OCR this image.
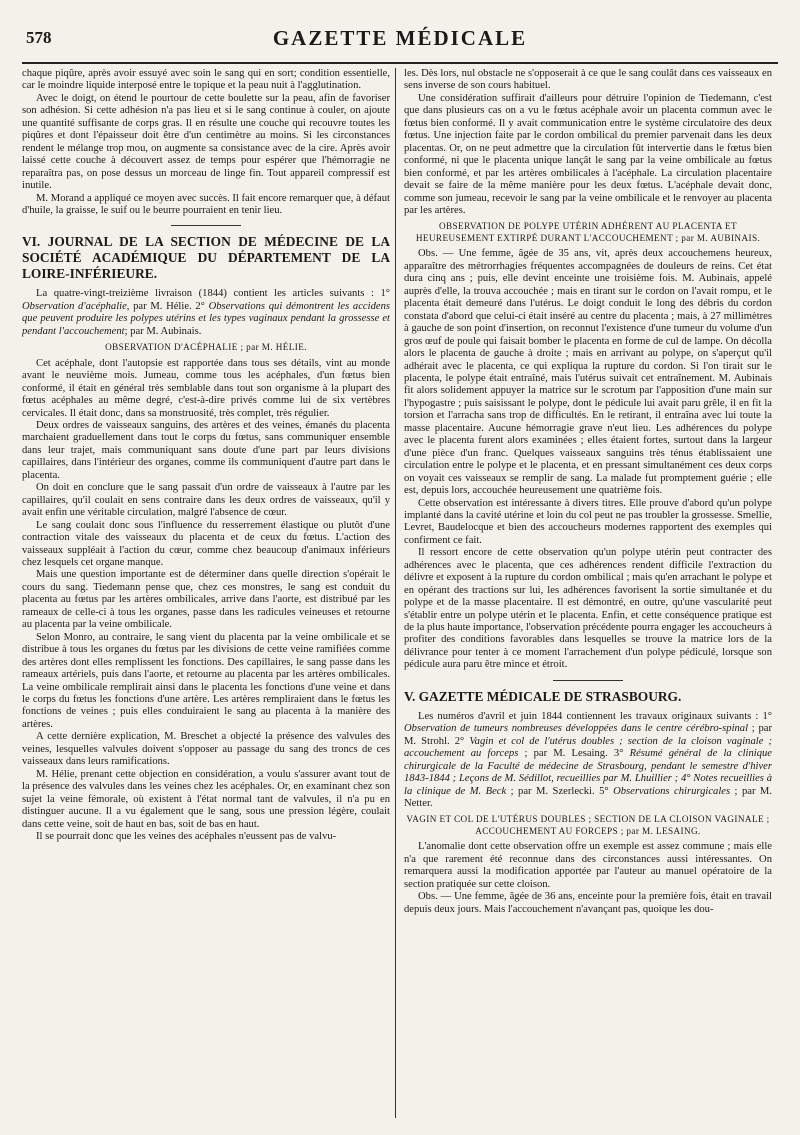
578	GAZETTE MÉDICALE

chaque piqûre, après avoir essuyé avec soin le sang qui en sort; condition essentielle, car le moindre liquide interposé entre le topique et la peau nuit à l'agglutination.

Avec le doigt, on étend le pourtour de cette boulette sur la peau, afin de favoriser son adhésion. Si cette adhésion n'a pas lieu et si le sang continue à couler, on ajoute une quantité suffisante de corps gras. Il en résulte une couche qui recouvre toutes les piqûres et dont l'épaisseur doit être d'un centimètre au moins. Si les circonstances rendent le mélange trop mou, on augmente sa consistance avec de la cire. Après avoir laissé cette couche à découvert assez de temps pour espérer que l'hémorragie ne reparaîtra pas, on pose dessus un morceau de linge fin. Tout appareil compressif est inutile.

M. Morand a appliqué ce moyen avec succès. Il fait encore remarquer que, à défaut d'huile, la graisse, le suif ou le beurre pourraient en tenir lieu.

VI. JOURNAL DE LA SECTION DE MÉDECINE DE LA SOCIÉTÉ ACADÉMIQUE DU DÉPARTEMENT DE LA LOIRE-INFÉRIEURE.

La quatre-vingt-treizième livraison (1844) contient les articles suivants : 1° Observation d'acéphalie, par M. Hélie. 2° Observations qui démontrent les accidens que peuvent produire les polypes utérins et les types vaginaux pendant la grossesse et pendant l'accouchement; par M. Aubinais.

OBSERVATION D'ACÉPHALIE ; par M. HÉLIE.

Cet acéphale, dont l'autopsie est rapportée dans tous ses détails, vint au monde avant le neuvième mois. Jumeau, comme tous les acéphales, d'un fœtus bien conformé, il était en général très semblable dans tout son organisme à la plupart des fœtus acéphales au même degré, c'est-à-dire privés comme lui de six vertèbres cervicales. Il était donc, dans sa monstruosité, très complet, très régulier.

Deux ordres de vaisseaux sanguins, des artères et des veines, émanés du placenta marchaient graduellement dans tout le corps du fœtus, sans communiquer ensemble dans leur trajet, mais communiquant sans doute d'une part par leurs divisions capillaires, dans l'intérieur des organes, comme ils communiquent d'autre part dans le placenta.

On doit en conclure que le sang passait d'un ordre de vaisseaux à l'autre par les capillaires, qu'il coulait en sens contraire dans les deux ordres de vaisseaux, qu'il y avait enfin une véritable circulation, malgré l'absence de cœur.

Le sang coulait donc sous l'influence du resserrement élastique ou plutôt d'une contraction vitale des vaisseaux du placenta et de ceux du fœtus. L'action des vaisseaux suppléait à l'action du cœur, comme chez beaucoup d'animaux inférieurs chez lesquels cet organe manque.

Mais une question importante est de déterminer dans quelle direction s'opérait le cours du sang. Tiedemann pense que, chez ces monstres, le sang est conduit du placenta au fœtus par les artères ombilicales, arrive dans l'aorte, est distribué par les rameaux de celle-ci à tous les organes, passe dans les radicules veineuses et retourne au placenta par la veine ombilicale.

Selon Monro, au contraire, le sang vient du placenta par la veine ombilicale et se distribue à tous les organes du fœtus par les divisions de cette veine ramifiées comme des artères dont elles remplissent les fonctions. Des capillaires, le sang passe dans les rameaux artériels, puis dans l'aorte, et retourne au placenta par les artères ombilicales. La veine ombilicale remplirait ainsi dans le placenta les fonctions d'une veine et dans le corps du fœtus les fonctions d'une artère. Les artères rempliraient dans le fœtus les fonctions de veines ; puis elles conduiraient le sang au placenta à la manière des artères.

A cette dernière explication, M. Breschet a objecté la présence des valvules des veines, lesquelles valvules doivent s'opposer au passage du sang des troncs de ces vaisseaux dans leurs ramifications.

M. Hélie, prenant cette objection en considération, a voulu s'assurer avant tout de la présence des valvules dans les veines chez les acéphales. Or, en examinant chez son sujet la veine fémorale, où existent à l'état normal tant de valvules, il n'a pu en distinguer aucune. Il a vu également que le sang, sous une pression légère, coulait dans cette veine, soit de haut en bas, soit de bas en haut.

Il se pourrait donc que les veines des acéphales n'eussent pas de valvu-

les. Dès lors, nul obstacle ne s'opposerait à ce que le sang coulât dans ces vaisseaux en sens inverse de son cours habituel.

Une considération suffirait d'ailleurs pour détruire l'opinion de Tiedemann, c'est que dans plusieurs cas on a vu le fœtus acéphale avoir un placenta commun avec le fœtus bien conformé. Il y avait communication entre le système circulatoire des deux fœtus. Une injection faite par le cordon ombilical du premier parvenait dans les deux placentas. Or, on ne peut admettre que la circulation fût intervertie dans le fœtus bien conformé, ni que le placenta unique lançât le sang par la veine ombilicale au fœtus bien conformé, et par les artères ombilicales à l'acéphale. La circulation placentaire devait se faire de la même manière pour les deux fœtus. L'acéphale devait donc, comme son jumeau, recevoir le sang par la veine ombilicale et le renvoyer au placenta par les artères.

OBSERVATION DE POLYPE UTÉRIN ADHÉRENT AU PLACENTA ET HEUREUSEMENT EXTIRPÉ DURANT L'ACCOUCHEMENT ; par M. AUBINAIS.

Obs. — Une femme, âgée de 35 ans, vit, après deux accouchemens heureux, apparaître des métrorrhagies fréquentes accompagnées de douleurs de reins. Cet état dura cinq ans ; puis, elle devint enceinte une troisième fois. M. Aubinais, appelé auprès d'elle, la trouva accouchée ; mais en tirant sur le cordon on l'avait rompu, et le placenta était demeuré dans l'utérus. Le doigt conduit le long des débris du cordon constata d'abord que celui-ci était inséré au centre du placenta ; mais, à 27 millimètres à gauche de son point d'insertion, on reconnut l'existence d'une tumeur du volume d'un gros œuf de poule qui faisait bomber le placenta en forme de cul de lampe. On décolla alors le placenta de gauche à droite ; mais en arrivant au polype, on s'aperçut qu'il adhérait avec le placenta, ce qui expliqua la rupture du cordon. Si l'on tirait sur le placenta, le polype était entraîné, mais l'utérus suivait cet entraînement. M. Aubinais fit alors solidement appuyer la matrice sur le scrotum par l'apposition d'une main sur l'hypogastre ; puis saisissant le polype, dont le pédicule lui avait paru grêle, il en fit la torsion et l'arracha sans trop de difficultés. En le retirant, il entraîna avec lui toute la masse placentaire. Aucune hémorragie grave n'eut lieu. Les adhérences du polype avec le placenta furent alors examinées ; elles étaient fortes, surtout dans la largeur d'une pièce d'un franc. Quelques vaisseaux sanguins très ténus établissaient une circulation entre le polype et le placenta, et en pressant simultanément ces deux corps on voyait ces vaisseaux se remplir de sang. La malade fut promptement guérie ; elle est, depuis lors, accouchée heureusement une quatrième fois.

Cette observation est intéressante à divers titres. Elle prouve d'abord qu'un polype implanté dans la cavité utérine et loin du col peut ne pas troubler la grossesse. Smellie, Levret, Baudelocque et bien des accoucheurs modernes rapportent des exemples qui confirment ce fait.

Il ressort encore de cette observation qu'un polype utérin peut contracter des adhérences avec le placenta, que ces adhérences rendent difficile l'extraction du délivre et exposent à la rupture du cordon ombilical ; mais qu'en arrachant le polype et en opérant des tractions sur lui, les adhérences favorisent la sortie simultanée et du polype et de la masse placentaire. Il est démontré, en outre, qu'une vascularité peut s'établir entre un polype utérin et le placenta. Enfin, et cette conséquence pratique est de la plus haute importance, l'observation précédente pourra engager les accoucheurs à profiter des conditions favorables dans lesquelles se trouve la matrice lors de la délivrance pour tenter à ce moment l'arrachement d'un polype pédiculé, lorsque son pédicule aura paru être mince et étroit.

V. GAZETTE MÉDICALE DE STRASBOURG.

Les numéros d'avril et juin 1844 contiennent les travaux originaux suivants : 1° Observation de tumeurs nombreuses développées dans le centre cérébro-spinal ; par M. Strohl. 2° Vagin et col de l'utérus doubles ; section de la cloison vaginale ; accouchement au forceps ; par M. Lesaing. 3° Résumé général de la clinique chirurgicale de la Faculté de médecine de Strasbourg, pendant le semestre d'hiver 1843-1844 ; Leçons de M. Sédillot, recueillies par M. Lhuillier ; 4° Notes recueillies à la clinique de M. Beck ; par M. Szerlecki. 5° Observations chirurgicales ; par M. Netter.

VAGIN ET COL DE L'UTÉRUS DOUBLES ; SECTION DE LA CLOISON VAGINALE ; ACCOUCHEMENT AU FORCEPS ; par M. LESAING.

L'anomalie dont cette observation offre un exemple est assez commune ; mais elle n'a que rarement été reconnue dans des circonstances aussi intéressantes. On remarquera aussi la modification apportée par l'auteur au manuel opératoire de la section pratiquée sur cette cloison.

Obs. — Une femme, âgée de 36 ans, enceinte pour la première fois, était en travail depuis deux jours. Mais l'accouchement n'avançant pas, quoique les dou-
